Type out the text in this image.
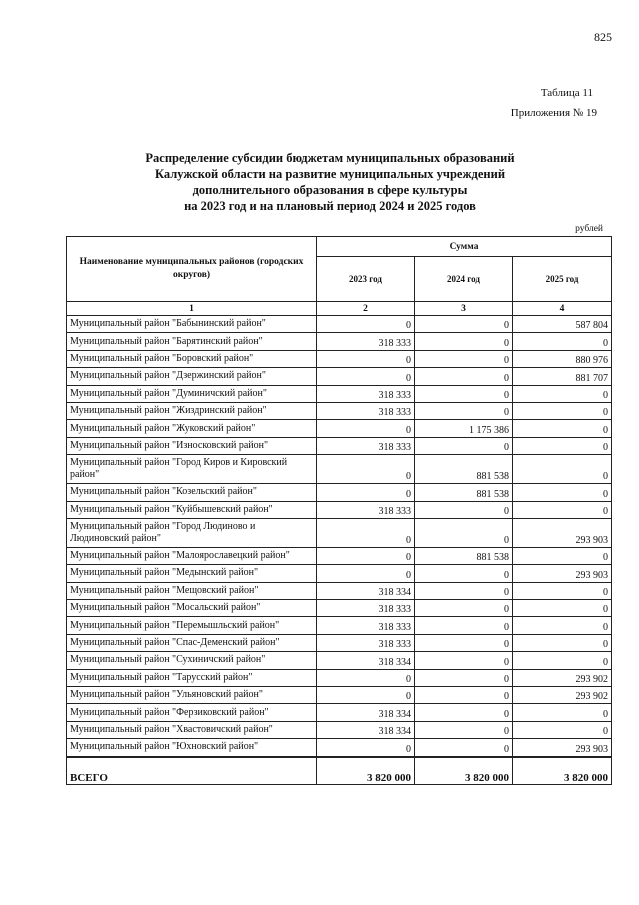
825
Таблица 11
Приложения № 19
Распределение субсидии бюджетам муниципальных образований
Калужской области на развитие муниципальных учреждений
дополнительного образования в сфере культуры
на 2023 год и на плановый период 2024 и 2025 годов
рублей
Наименование муниципальных районов (городских округов)	Сумма		
	2023 год	2024 год	2025 год
1	2	3	4
Муниципальный район "Бабынинский район"	0	0	587 804
Муниципальный район "Барятинский район"	318 333	0	0
Муниципальный район "Боровский район"	0	0	880 976
Муниципальный район "Дзержинский район"	0	0	881 707
Муниципальный район "Думиничский район"	318 333	0	0
Муниципальный район "Жиздринский район"	318 333	0	0
Муниципальный район "Жуковский район"	0	1 175 386	0
Муниципальный район "Износковский район"	318 333	0	0
Муниципальный район "Город Киров и Кировский район"	0	881 538	0
Муниципальный район "Козельский район"	0	881 538	0
Муниципальный район "Куйбышевский район"	318 333	0	0
Муниципальный район "Город Людиново и Людиновский район"	0	0	293 903
Муниципальный район "Малоярославецкий район"	0	881 538	0
Муниципальный район "Медынский район"	0	0	293 903
Муниципальный район "Мещовский район"	318 334	0	0
Муниципальный район "Мосальский район"	318 333	0	0
Муниципальный район "Перемышльский район"	318 333	0	0
Муниципальный район "Спас-Деменский район"	318 333	0	0
Муниципальный район "Сухиничский район"	318 334	0	0
Муниципальный район "Тарусский район"	0	0	293 902
Муниципальный район "Ульяновский район"	0	0	293 902
Муниципальный район "Ферзиковский район"	318 334	0	0
Муниципальный район "Хвастовичский район"	318 334	0	0
Муниципальный район "Юхновский район"	0	0	293 903
ВСЕГО	3 820 000	3 820 000	3 820 000
